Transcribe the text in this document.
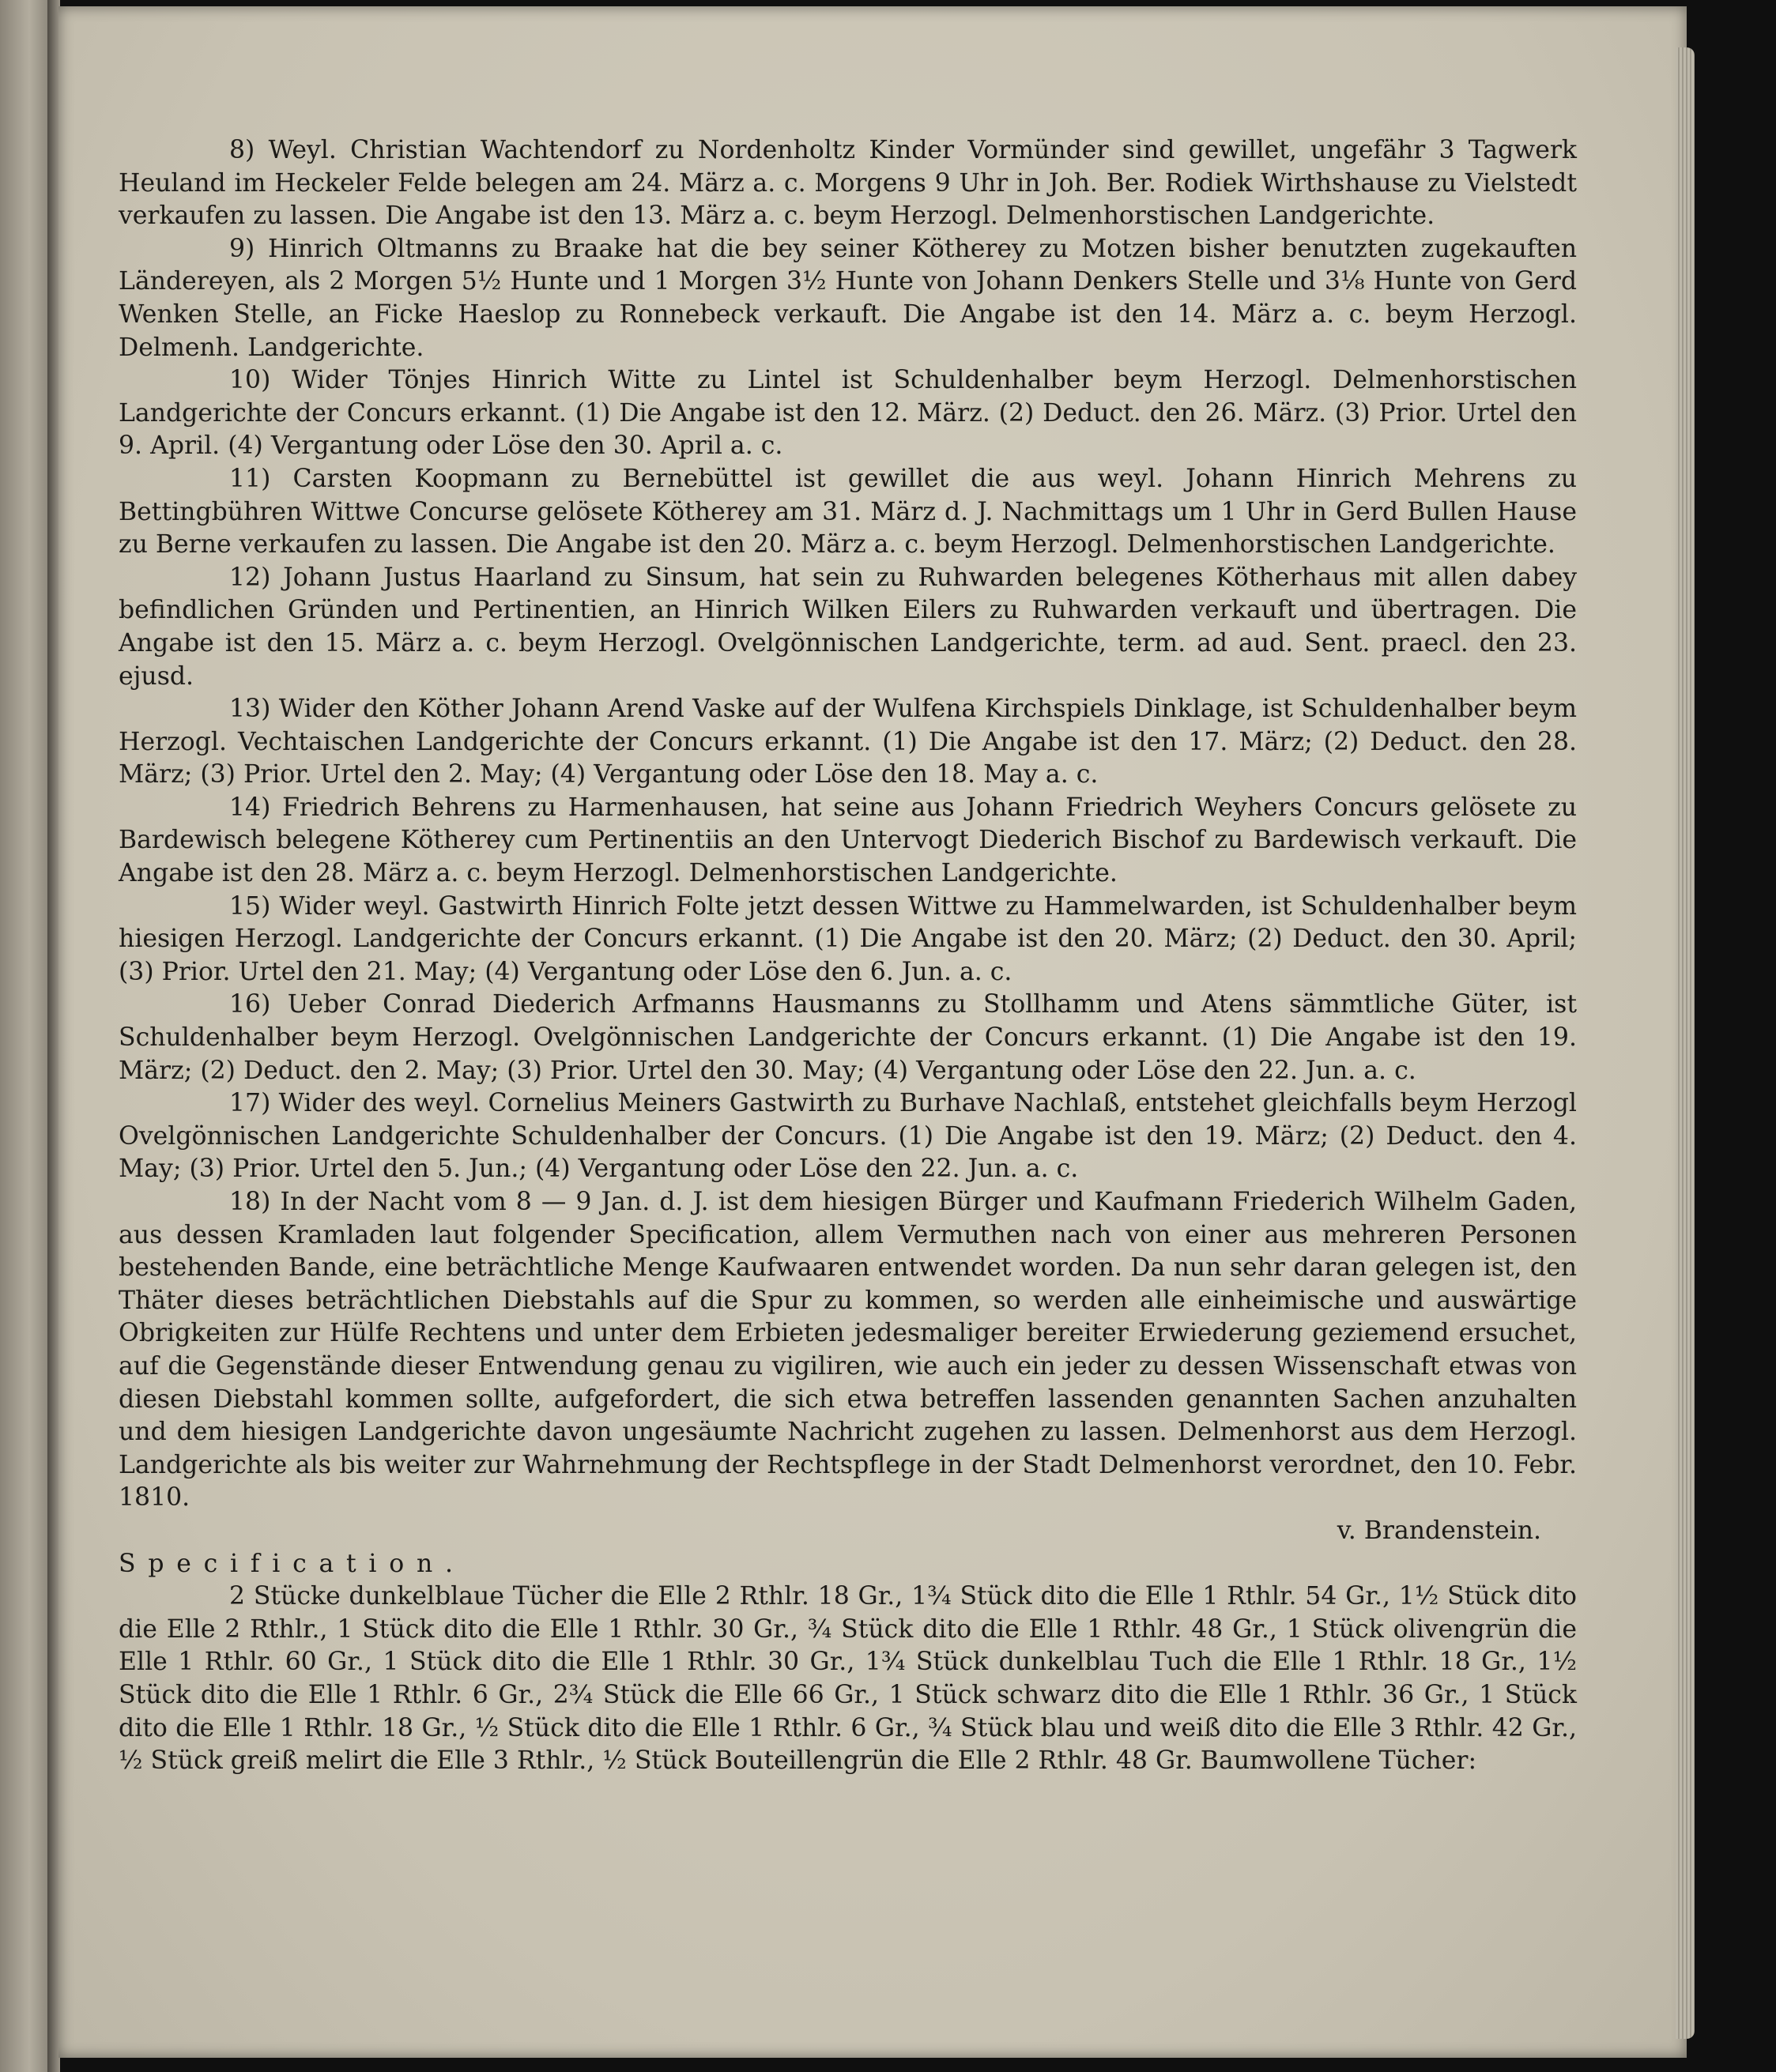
8) Weyl. Christian Wachtendorf zu Nordenholtz Kinder Vormünder sind gewillet, ungefähr 3 Tagwerk Heuland im Heckeler Felde belegen am 24. März a. c. Morgens 9 Uhr in Joh. Ber. Rodiek Wirthshause zu Vielstedt verkaufen zu lassen. Die Angabe ist den 13. März a. c. beym Herzogl. Delmenhorstischen Landgerichte.

9) Hinrich Oltmanns zu Braake hat die bey seiner Kötherey zu Motzen bisher benutzten zugekauften Ländereyen, als 2 Morgen 5½ Hunte und 1 Morgen 3½ Hunte von Johann Denkers Stelle und 3⅛ Hunte von Gerd Wenken Stelle, an Ficke Haeslop zu Ronnebeck verkauft. Die Angabe ist den 14. März a. c. beym Herzogl. Delmenh. Landgerichte.

10) Wider Tönjes Hinrich Witte zu Lintel ist Schuldenhalber beym Herzogl. Delmenhorstischen Landgerichte der Concurs erkannt. (1) Die Angabe ist den 12. März. (2) Deduct. den 26. März. (3) Prior. Urtel den 9. April. (4) Vergantung oder Löse den 30. April a. c.

11) Carsten Koopmann zu Bernebüttel ist gewillet die aus weyl. Johann Hinrich Mehrens zu Bettingbühren Wittwe Concurse gelösete Kötherey am 31. März d. J. Nachmittags um 1 Uhr in Gerd Bullen Hause zu Berne verkaufen zu lassen. Die Angabe ist den 20. März a. c. beym Herzogl. Delmenhorstischen Landgerichte.

12) Johann Justus Haarland zu Sinsum, hat sein zu Ruhwarden belegenes Kötherhaus mit allen dabey befindlichen Gründen und Pertinentien, an Hinrich Wilken Eilers zu Ruhwarden verkauft und übertragen. Die Angabe ist den 15. März a. c. beym Herzogl. Ovelgönnischen Landgerichte, term. ad aud. Sent. praecl. den 23. ejusd.

13) Wider den Köther Johann Arend Vaske auf der Wulfena Kirchspiels Dinklage, ist Schuldenhalber beym Herzogl. Vechtaischen Landgerichte der Concurs erkannt. (1) Die Angabe ist den 17. März; (2) Deduct. den 28. März; (3) Prior. Urtel den 2. May; (4) Vergantung oder Löse den 18. May a. c.

14) Friedrich Behrens zu Harmenhausen, hat seine aus Johann Friedrich Weyhers Concurs gelösete zu Bardewisch belegene Kötherey cum Pertinentiis an den Untervogt Diederich Bischof zu Bardewisch verkauft. Die Angabe ist den 28. März a. c. beym Herzogl. Delmenhorstischen Landgerichte.

15) Wider weyl. Gastwirth Hinrich Folte jetzt dessen Wittwe zu Hammelwarden, ist Schuldenhalber beym hiesigen Herzogl. Landgerichte der Concurs erkannt. (1) Die Angabe ist den 20. März; (2) Deduct. den 30. April; (3) Prior. Urtel den 21. May; (4) Vergantung oder Löse den 6. Jun. a. c.

16) Ueber Conrad Diederich Arfmanns Hausmanns zu Stollhamm und Atens sämmtliche Güter, ist Schuldenhalber beym Herzogl. Ovelgönnischen Landgerichte der Concurs erkannt. (1) Die Angabe ist den 19. März; (2) Deduct. den 2. May; (3) Prior. Urtel den 30. May; (4) Vergantung oder Löse den 22. Jun. a. c.

17) Wider des weyl. Cornelius Meiners Gastwirth zu Burhave Nachlaß, entstehet gleichfalls beym Herzogl Ovelgönnischen Landgerichte Schuldenhalber der Concurs. (1) Die Angabe ist den 19. März; (2) Deduct. den 4. May; (3) Prior. Urtel den 5. Jun.; (4) Vergantung oder Löse den 22. Jun. a. c.

18) In der Nacht vom 8 — 9 Jan. d. J. ist dem hiesigen Bürger und Kaufmann Friederich Wilhelm Gaden, aus dessen Kramladen laut folgender Specification, allem Vermuthen nach von einer aus mehreren Personen bestehenden Bande, eine beträchtliche Menge Kaufwaaren entwendet worden. Da nun sehr daran gelegen ist, den Thäter dieses beträchtlichen Diebstahls auf die Spur zu kommen, so werden alle einheimische und auswärtige Obrigkeiten zur Hülfe Rechtens und unter dem Erbieten jedesmaliger bereiter Erwiederung geziemend ersuchet, auf die Gegenstände dieser Entwendung genau zu vigiliren, wie auch ein jeder zu dessen Wissenschaft etwas von diesen Diebstahl kommen sollte, aufgefordert, die sich etwa betreffen lassenden genannten Sachen anzuhalten und dem hiesigen Landgerichte davon ungesäumte Nachricht zugehen zu lassen. Delmenhorst aus dem Herzogl. Landgerichte als bis weiter zur Wahrnehmung der Rechtspflege in der Stadt Delmenhorst verordnet, den 10. Febr. 1810.

v. Brandenstein.

Specification.

2 Stücke dunkelblaue Tücher die Elle 2 Rthlr. 18 Gr., 1¾ Stück dito die Elle 1 Rthlr. 54 Gr., 1½ Stück dito die Elle 2 Rthlr., 1 Stück dito die Elle 1 Rthlr. 30 Gr., ¾ Stück dito die Elle 1 Rthlr. 48 Gr., 1 Stück olivengrün die Elle 1 Rthlr. 60 Gr., 1 Stück dito die Elle 1 Rthlr. 30 Gr., 1¾ Stück dunkelblau Tuch die Elle 1 Rthlr. 18 Gr., 1½ Stück dito die Elle 1 Rthlr. 6 Gr., 2¾ Stück die Elle 66 Gr., 1 Stück schwarz dito die Elle 1 Rthlr. 36 Gr., 1 Stück dito die Elle 1 Rthlr. 18 Gr., ½ Stück dito die Elle 1 Rthlr. 6 Gr., ¾ Stück blau und weiß dito die Elle 3 Rthlr. 42 Gr., ½ Stück greiß melirt die Elle 3 Rthlr., ½ Stück Bouteillengrün die Elle 2 Rthlr. 48 Gr. Baumwollene Tücher:
